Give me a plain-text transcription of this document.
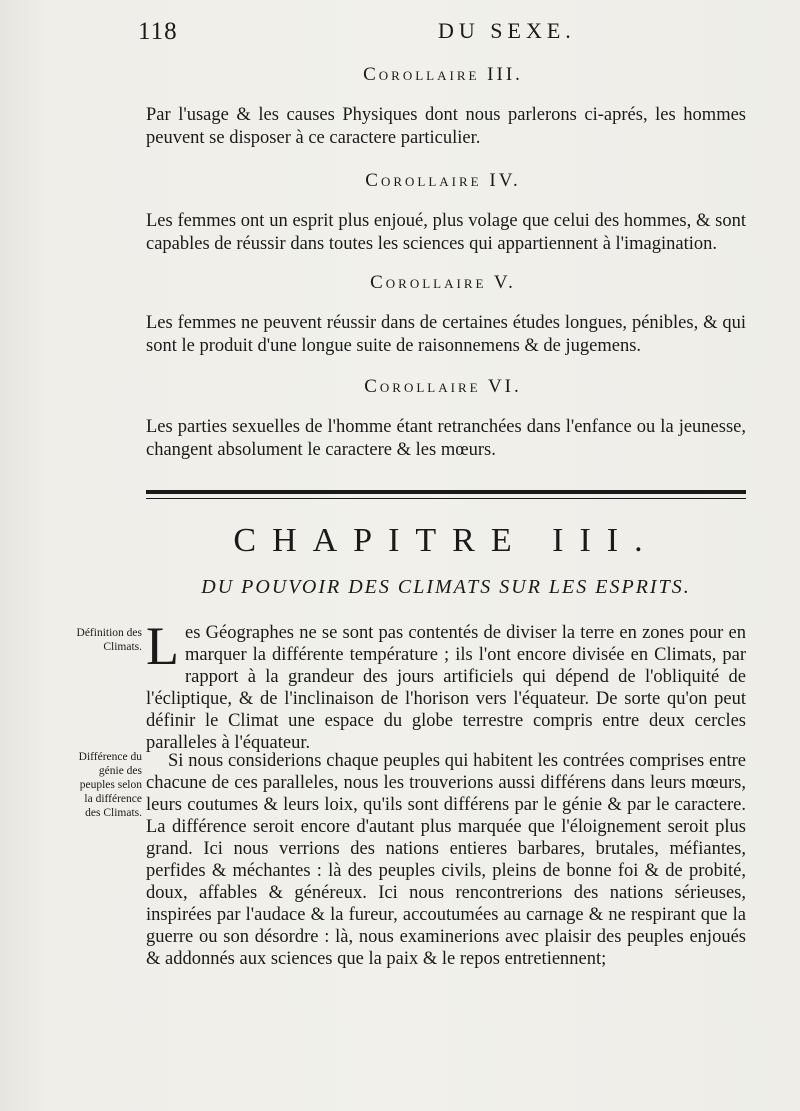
118	DU SEXE.
Corollaire III.
Par l'usage & les causes Physiques dont nous parlerons ci-aprés, les hommes peuvent se disposer à ce caractere particulier.
Corollaire IV.
Les femmes ont un esprit plus enjoué, plus volage que celui des hommes, & sont capables de réussir dans toutes les sciences qui appartiennent à l'imagination.
Corollaire V.
Les femmes ne peuvent réussir dans de certaines études longues, pénibles, & qui sont le produit d'une longue suite de raisonnemens & de jugemens.
Corollaire VI.
Les parties sexuelles de l'homme étant retranchées dans l'enfance ou la jeunesse, changent absolument le caractere & les mœurs.
CHAPITRE III.
DU POUVOIR DES CLIMATS SUR LES ESPRITS.
Définition des Climats.
Différence du génie des peuples selon la différence des Climats.
Les Géographes ne se sont pas contentés de diviser la terre en zones pour en marquer la différente température ; ils l'ont encore divisée en Climats, par rapport à la grandeur des jours artificiels qui dépend de l'obliquité de l'écliptique, & de l'inclinaison de l'horison vers l'équateur. De sorte qu'on peut définir le Climat une espace du globe terrestre compris entre deux cercles paralleles à l'équateur.
Si nous considerions chaque peuples qui habitent les contrées comprises entre chacune de ces paralleles, nous les trouverions aussi différens dans leurs mœurs, leurs coutumes & leurs loix, qu'ils sont différens par le génie & par le caractere. La différence seroit encore d'autant plus marquée que l'éloignement seroit plus grand. Ici nous verrions des nations entieres barbares, brutales, méfiantes, perfides & méchantes : là des peuples civils, pleins de bonne foi & de probité, doux, affables & généreux. Ici nous rencontrerions des nations sérieuses, inspirées par l'audace & la fureur, accoutumées au carnage & ne respirant que la guerre ou son désordre : là, nous examinerions avec plaisir des peuples enjoués & addonnés aux sciences que la paix & le repos entretiennent;
